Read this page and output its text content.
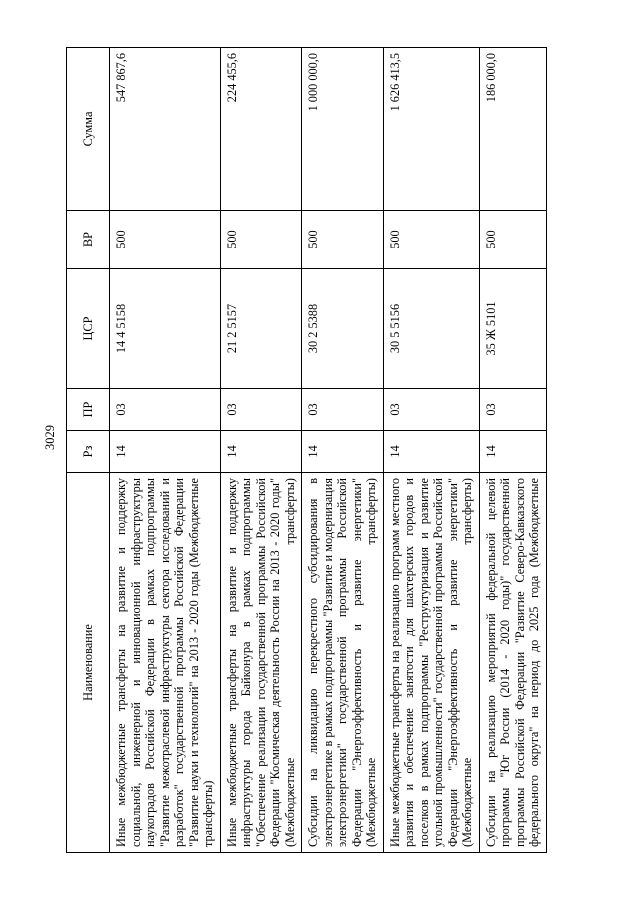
3029
Наименование	Рз	ПР	ЦСР	ВР	Сумма
Иные межбюджетные трансферты на развитие и поддержку социальной, инженерной и инновационной инфраструктуры наукоградов Российской Федерации в рамках подпрограммы "Развитие межотраслевой инфраструктуры сектора исследований и разработок" государственной программы Российской Федерации "Развитие науки и технологий" на 2013 - 2020 годы (Межбюджетные трансферты)	14	03	14 4 5158	500	547 867,6
Иные межбюджетные трансферты на развитие и поддержку инфраструктуры города Байконура в рамках подпрограммы "Обеспечение реализации государственной программы Российской Федерации "Космическая деятельность России на 2013 - 2020 годы" (Межбюджетные трансферты)	14	03	21 2 5157	500	224 455,6
Субсидии на ликвидацию перекрестного субсидирования в электроэнергетике в рамках подпрограммы "Развитие и модернизация электроэнергетики" государственной программы Российской Федерации "Энергоэффективность и развитие энергетики" (Межбюджетные трансферты)	14	03	30 2 5388	500	1 000 000,0
Иные межбюджетные трансферты на реализацию программ местного развития и обеспечение занятости для шахтерских городов и поселков в рамках подпрограммы "Реструктуризация и развитие угольной промышленности" государственной программы Российской Федерации "Энергоэффективность и развитие энергетики" (Межбюджетные трансферты)	14	03	30 5 5156	500	1 626 413,5
Субсидии на реализацию мероприятий федеральной целевой программы "Юг России (2014 - 2020 годы)" государственной программы Российской Федерации "Развитие Северо-Кавказского федерального округа" на период до 2025 года (Межбюджетные	14	03	35 Ж 5101	500	186 000,0
